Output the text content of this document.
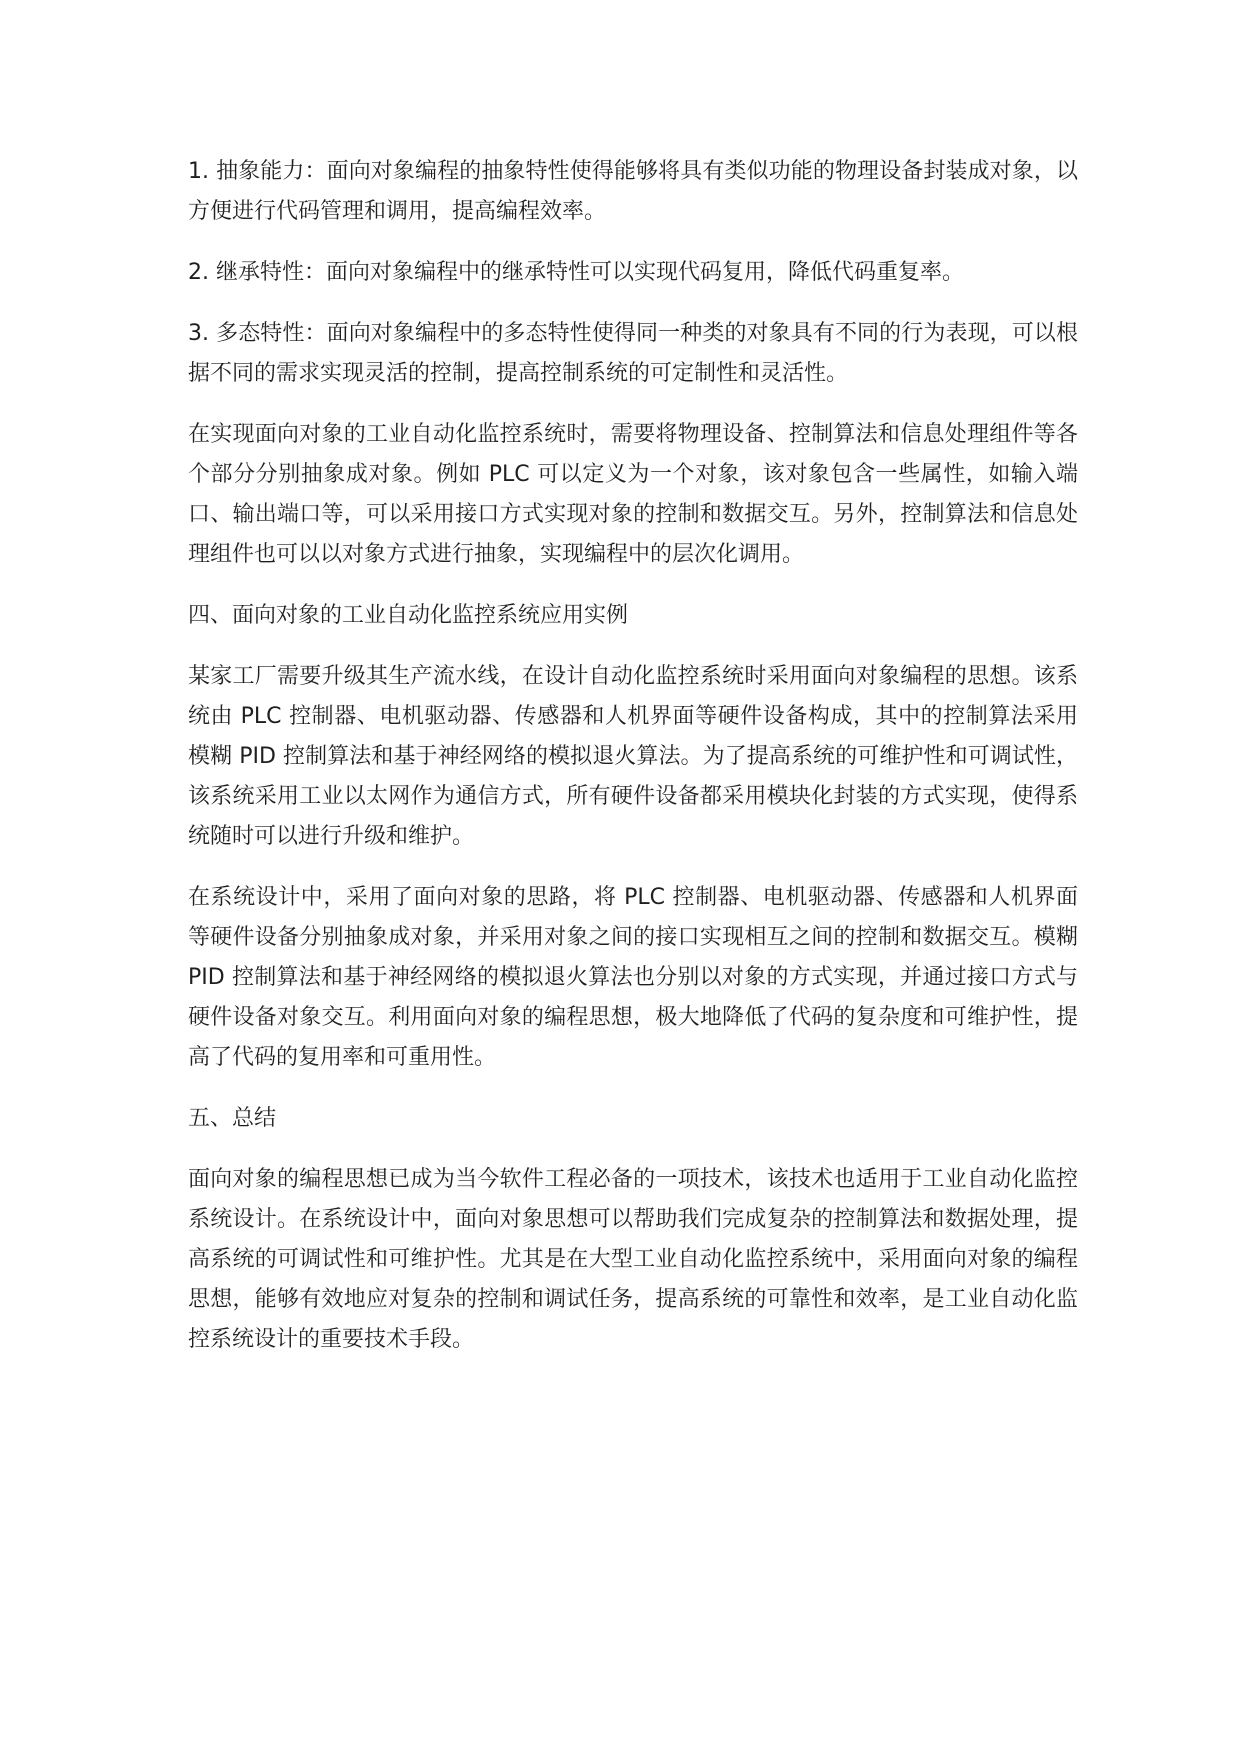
1. 抽象能力：面向对象编程的抽象特性使得能够将具有类似功能的物理设备封装成对象，以方便进行代码管理和调用，提高编程效率。

2. 继承特性：面向对象编程中的继承特性可以实现代码复用，降低代码重复率。

3. 多态特性：面向对象编程中的多态特性使得同一种类的对象具有不同的行为表现，可以根据不同的需求实现灵活的控制，提高控制系统的可定制性和灵活性。

在实现面向对象的工业自动化监控系统时，需要将物理设备、控制算法和信息处理组件等各个部分分别抽象成对象。例如 PLC 可以定义为一个对象，该对象包含一些属性，如输入端口、输出端口等，可以采用接口方式实现对象的控制和数据交互。另外，控制算法和信息处理组件也可以以对象方式进行抽象，实现编程中的层次化调用。

四、面向对象的工业自动化监控系统应用实例

某家工厂需要升级其生产流水线，在设计自动化监控系统时采用面向对象编程的思想。该系统由 PLC 控制器、电机驱动器、传感器和人机界面等硬件设备构成，其中的控制算法采用模糊 PID 控制算法和基于神经网络的模拟退火算法。为了提高系统的可维护性和可调试性，该系统采用工业以太网作为通信方式，所有硬件设备都采用模块化封装的方式实现，使得系统随时可以进行升级和维护。

在系统设计中，采用了面向对象的思路，将 PLC 控制器、电机驱动器、传感器和人机界面等硬件设备分别抽象成对象，并采用对象之间的接口实现相互之间的控制和数据交互。模糊 PID 控制算法和基于神经网络的模拟退火算法也分别以对象的方式实现，并通过接口方式与硬件设备对象交互。利用面向对象的编程思想，极大地降低了代码的复杂度和可维护性，提高了代码的复用率和可重用性。

五、总结

面向对象的编程思想已成为当今软件工程必备的一项技术，该技术也适用于工业自动化监控系统设计。在系统设计中，面向对象思想可以帮助我们完成复杂的控制算法和数据处理，提高系统的可调试性和可维护性。尤其是在大型工业自动化监控系统中，采用面向对象的编程思想，能够有效地应对复杂的控制和调试任务，提高系统的可靠性和效率，是工业自动化监控系统设计的重要技术手段。
